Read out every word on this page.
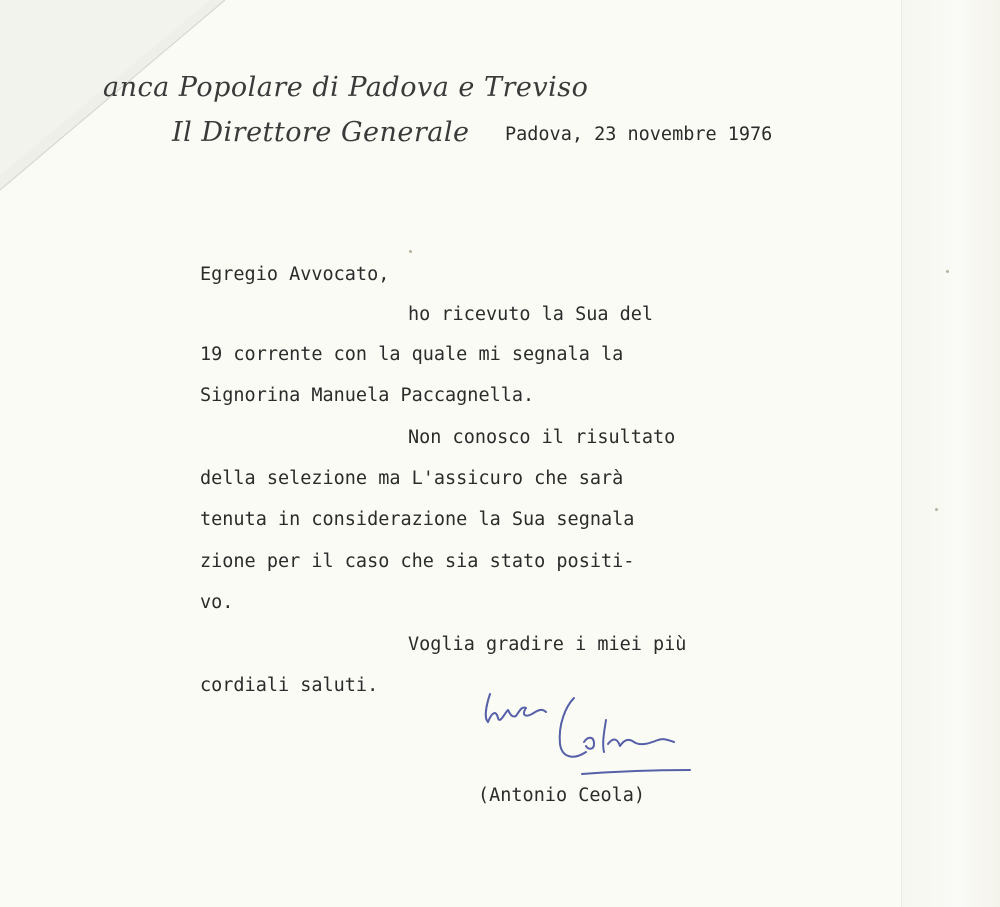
anca Popolare di Padova e Treviso
Il Direttore Generale Padova, 23 novembre 1976
Egregio Avvocato,
ho ricevuto la Sua del
19 corrente con la quale mi segnala la
Signorina Manuela Paccagnella.
Non conosco il risultato
della selezione ma L'assicuro che sarà
tenuta in considerazione la Sua segnala
zione per il caso che sia stato positi-
vo.
Voglia gradire i miei più
cordiali saluti.
(Antonio Ceola)
